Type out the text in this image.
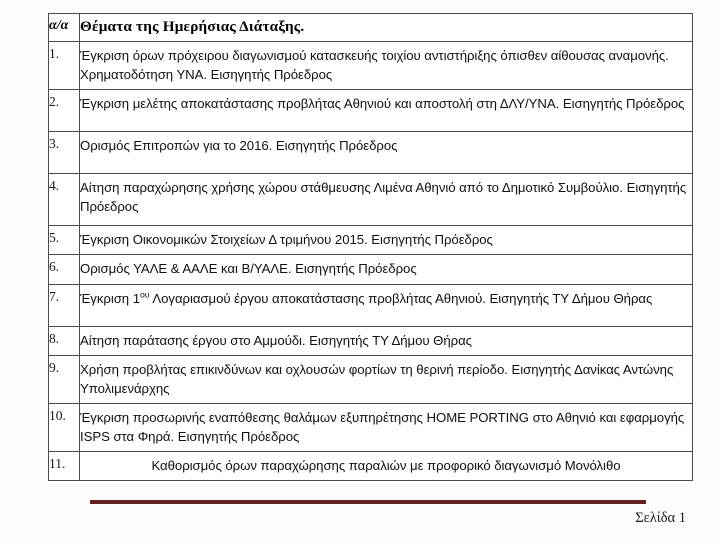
α/α	Θέματα της Ημερήσιας Διάταξης.
1.	Έγκριση όρων πρόχειρου διαγωνισμού κατασκευής τοιχίου αντιστήριξης όπισθεν αίθουσας αναμονής. Χρηματοδότηση ΥΝΑ. Εισηγητής Πρόεδρος
2.	Έγκριση μελέτης αποκατάστασης προβλήτας Αθηνιού και αποστολή στη ΔΛΥ/ΥΝΑ. Εισηγητής Πρόεδρος
3.	Ορισμός Επιτροπών για το 2016. Εισηγητής Πρόεδρος
4.	Αίτηση παραχώρησης χρήσης χώρου στάθμευσης Λιμένα Αθηνιό από το Δημοτικό Συμβούλιο. Εισηγητής Πρόεδρος
5.	Έγκριση Οικονομικών Στοιχείων Δ τριμήνου 2015. Εισηγητής Πρόεδρος
6.	Ορισμός ΥΑΛΕ & ΑΑΛΕ και Β/ΥΑΛΕ. Εισηγητής Πρόεδρος
7.	Έγκριση $1^{o\upsilon}$ Λογαριασμού έργου αποκατάστασης προβλήτας Αθηνιού. Εισηγητής ΤΥ Δήμου Θήρας
8.	Αίτηση παράτασης έργου στο Αμμούδι. Εισηγητής ΤΥ Δήμου Θήρας
9.	Χρήση προβλήτας επικινδύνων και οχλουσών φορτίων τη θερινή περίοδο. Εισηγητής Δανίκας Αντώνης Υπολιμενάρχης
10.	Έγκριση προσωρινής εναπόθεσης θαλάμων εξυπηρέτησης HOME PORTING στο Αθηνιό και εφαρμογής ISPS στα Φηρά. Εισηγητής Πρόεδρος
11.	Καθορισμός όρων παραχώρησης παραλιών με προφορικό διαγωνισμό Μονόλιθο
Σελίδα 1
